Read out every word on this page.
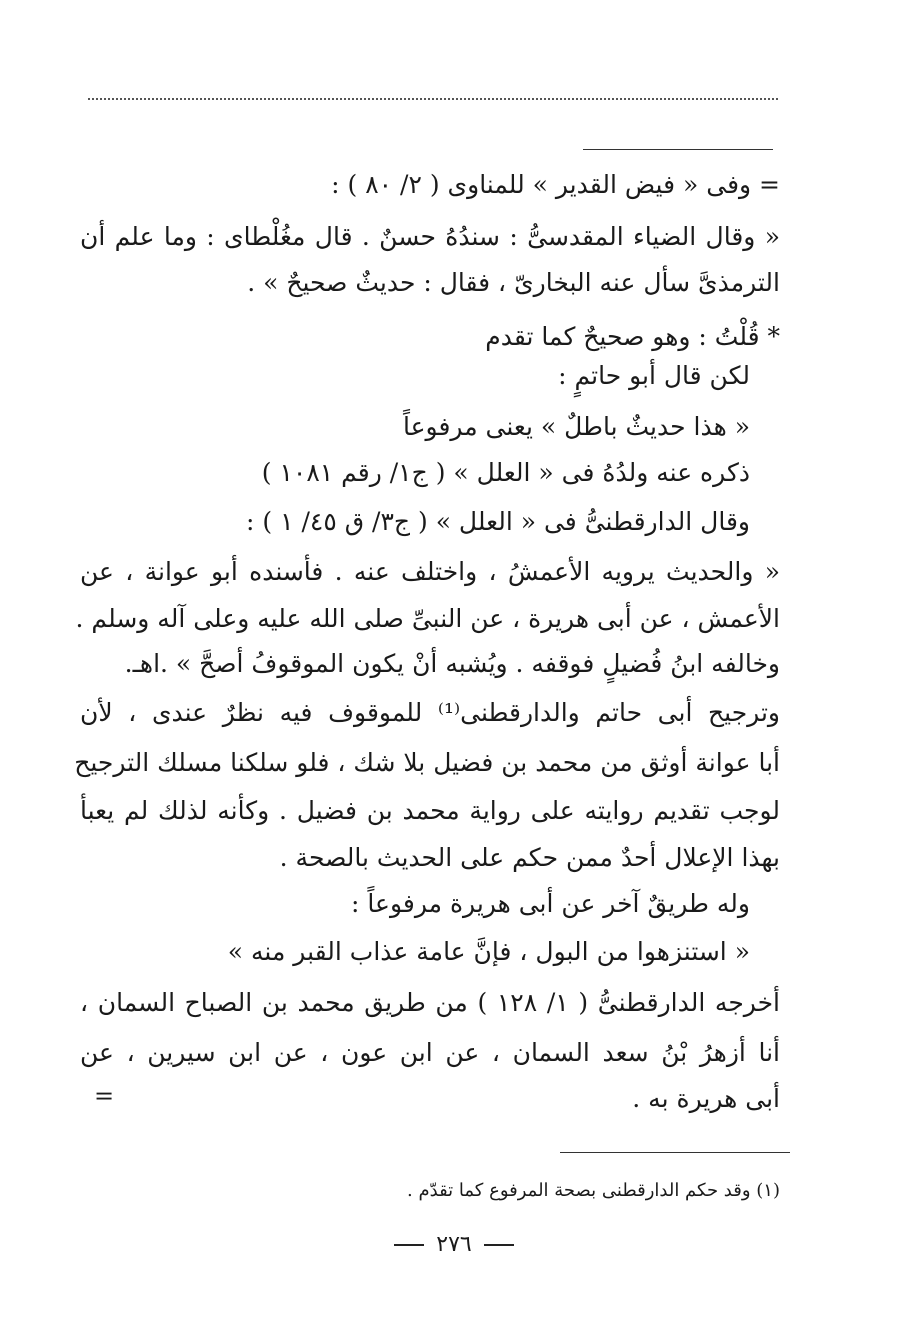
= وفى « فيض القدير » للمناوى ( ٢/ ٨٠ ) :
« وقال الضياء المقدسىُّ : سندُهُ حسنٌ . قال مغُلْطاى : وما علم أن
الترمذىَّ سأل عنه البخارىّ ، فقال : حديثٌ صحيحٌ » .
* قُلْتُ : وهو صحيحٌ كما تقدم
لكن قال أبو حاتمٍ :
« هذا حديثٌ باطلٌ » يعنى مرفوعاً
ذكره عنه ولدُهُ فى « العلل » ( ج١/ رقم ١٠٨١ )
وقال الدارقطنىُّ فى « العلل » ( ج٣/ ق ٤٥/ ١ ) :
« والحديث يرويه الأعمشُ ، واختلف عنه . فأسنده أبو عوانة ، عن
الأعمش ، عن أبى هريرة ، عن النبىِّ صلى الله عليه وعلى آله وسلم .
وخالفه ابنُ فُضيلٍ فوقفه . ويُشبه أنْ يكون الموقوفُ أصحَّ » .اهـ.
وترجيح أبى حاتم والدارقطنى⁽¹⁾ للموقوف فيه نظرٌ عندى ، لأن
أبا عوانة أوثق من محمد بن فضيل بلا شك ، فلو سلكنا مسلك الترجيح
لوجب تقديم روايته على رواية محمد بن فضيل . وكأنه لذلك لم يعبأ
بهذا الإعلال أحدٌ ممن حكم على الحديث بالصحة .
وله طريقٌ آخر عن أبى هريرة مرفوعاً :
« استنزهوا من البول ، فإنَّ عامة عذاب القبر منه »
أخرجه الدارقطنىُّ ( ١/ ١٢٨ ) من طريق محمد بن الصباح السمان ،
أنا أزهرُ بْنُ سعد السمان ، عن ابن عون ، عن ابن سيرين ، عن
أبى هريرة به .
=
(١) وقد حكم الدارقطنى بصحة المرفوع كما تقدّم .
٢٧٦
